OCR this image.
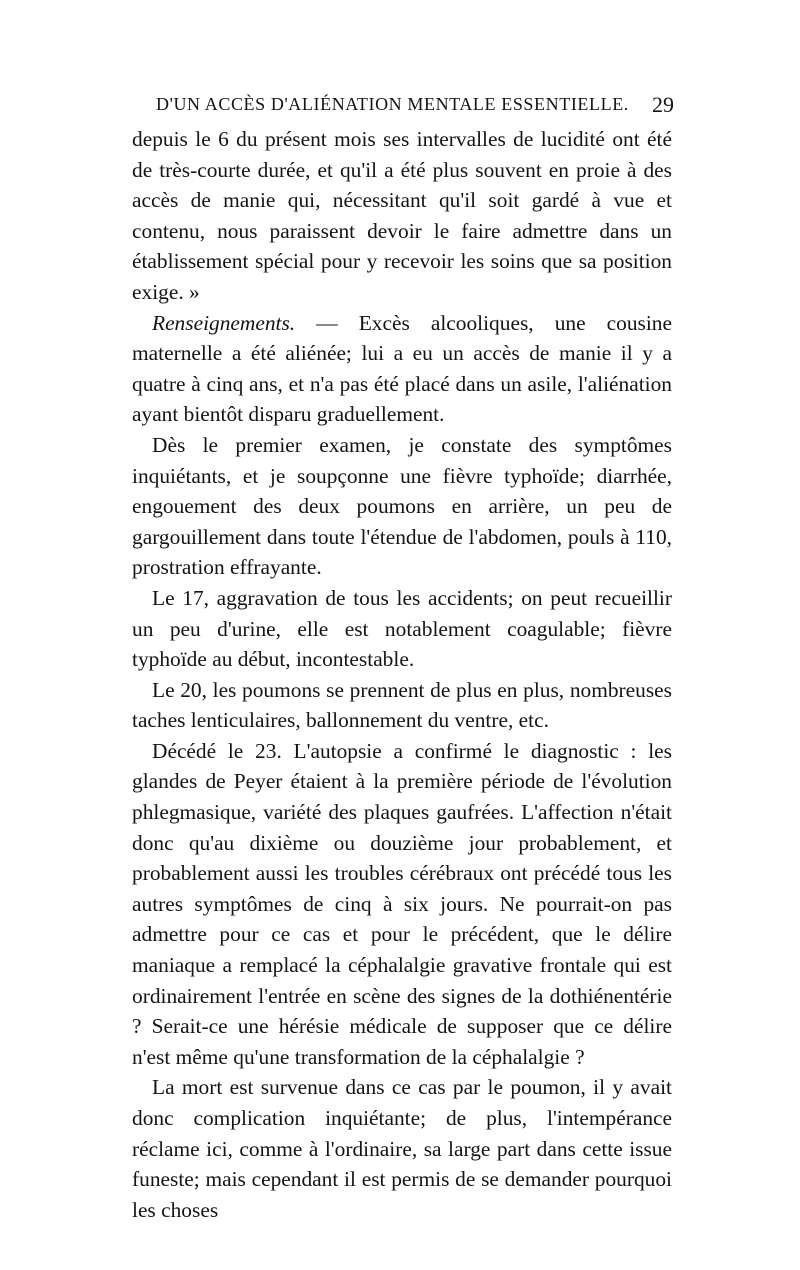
D'UN ACCÈS D'ALIÉNATION MENTALE ESSENTIELLE. 29

depuis le 6 du présent mois ses intervalles de lucidité ont été de très-courte durée, et qu'il a été plus souvent en proie à des accès de manie qui, nécessitant qu'il soit gardé à vue et contenu, nous paraissent devoir le faire admettre dans un établissement spécial pour y recevoir les soins que sa position exige. »

Renseignements. — Excès alcooliques, une cousine maternelle a été aliénée; lui a eu un accès de manie il y a quatre à cinq ans, et n'a pas été placé dans un asile, l'aliénation ayant bientôt disparu graduellement.

Dès le premier examen, je constate des symptômes inquiétants, et je soupçonne une fièvre typhoïde; diarrhée, engouement des deux poumons en arrière, un peu de gargouillement dans toute l'étendue de l'abdomen, pouls à 110, prostration effrayante.

Le 17, aggravation de tous les accidents; on peut recueillir un peu d'urine, elle est notablement coagulable; fièvre typhoïde au début, incontestable.

Le 20, les poumons se prennent de plus en plus, nombreuses taches lenticulaires, ballonnement du ventre, etc.

Décédé le 23. L'autopsie a confirmé le diagnostic : les glandes de Peyer étaient à la première période de l'évolution phlegmasique, variété des plaques gaufrées. L'affection n'était donc qu'au dixième ou douzième jour probablement, et probablement aussi les troubles cérébraux ont précédé tous les autres symptômes de cinq à six jours. Ne pourrait-on pas admettre pour ce cas et pour le précédent, que le délire maniaque a remplacé la céphalalgie gravative frontale qui est ordinairement l'entrée en scène des signes de la dothiénentérie ? Serait-ce une hérésie médicale de supposer que ce délire n'est même qu'une transformation de la céphalalgie ?

La mort est survenue dans ce cas par le poumon, il y avait donc complication inquiétante; de plus, l'intempérance réclame ici, comme à l'ordinaire, sa large part dans cette issue funeste; mais cependant il est permis de se demander pourquoi les choses
